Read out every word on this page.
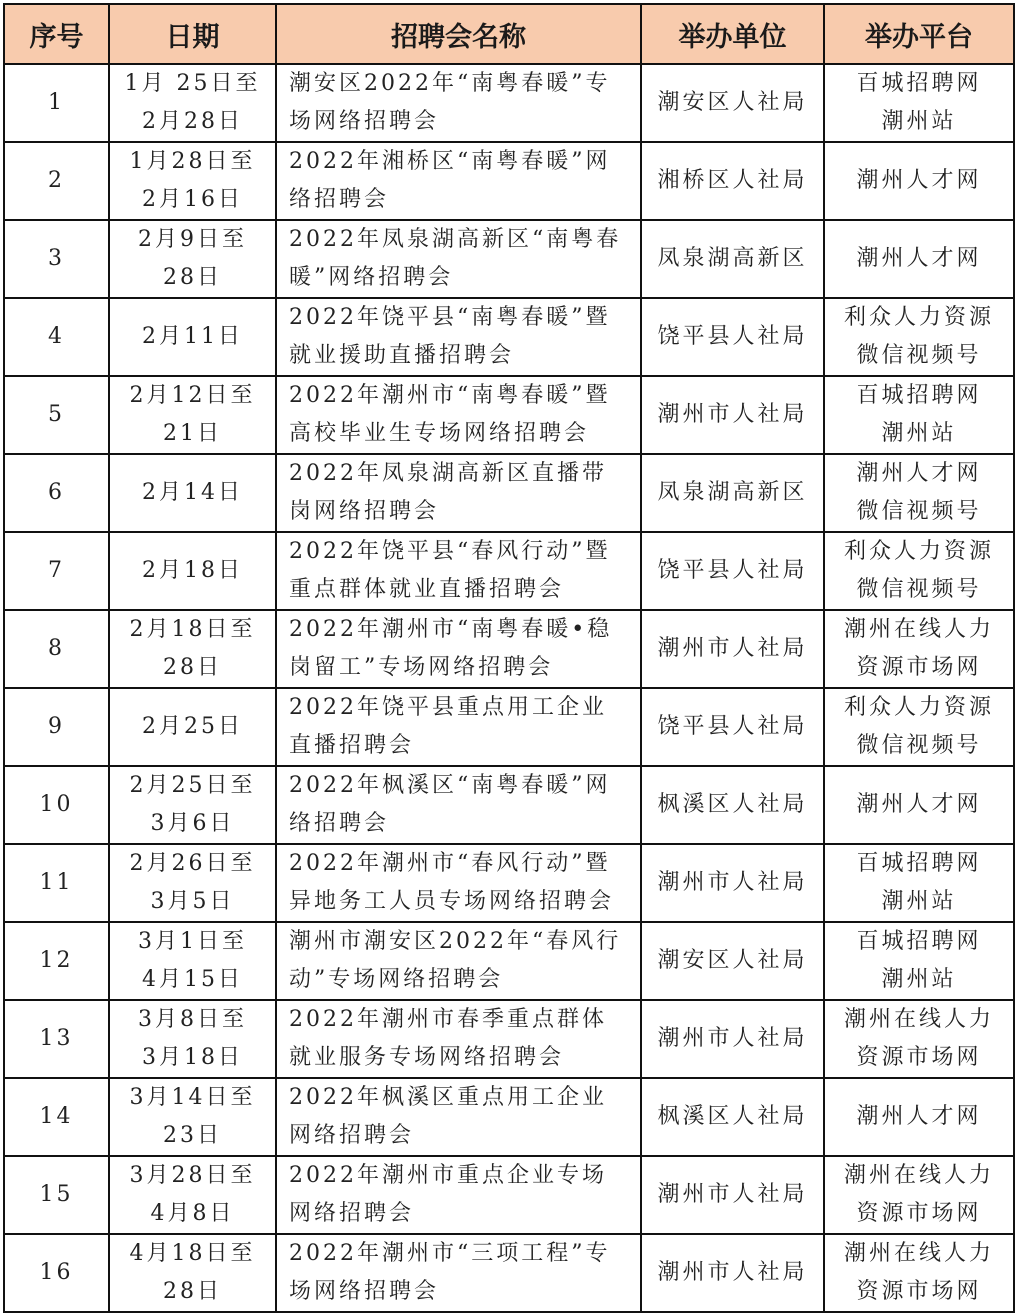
序号	日期	招聘会名称	举办单位	举办平台

1	1月 25日至
2月28日	潮安区2022年“南粤春暖”专
场网络招聘会	潮安区人社局	百城招聘网
潮州站

2	1月28日至
2月16日	2022年湘桥区“南粤春暖”网
络招聘会	湘桥区人社局	潮州人才网

3	2月9日至
28日	2022年凤泉湖高新区“南粤春
暖”网络招聘会	凤泉湖高新区	潮州人才网

4	2月11日	2022年饶平县“南粤春暖”暨
就业援助直播招聘会	饶平县人社局	利众人力资源
微信视频号

5	2月12日至
21日	2022年潮州市“南粤春暖”暨
高校毕业生专场网络招聘会	潮州市人社局	百城招聘网
潮州站

6	2月14日	2022年凤泉湖高新区直播带
岗网络招聘会	凤泉湖高新区	潮州人才网
微信视频号

7	2月18日	2022年饶平县“春风行动”暨
重点群体就业直播招聘会	饶平县人社局	利众人力资源
微信视频号

8	2月18日至
28日	2022年潮州市“南粤春暖•稳
岗留工”专场网络招聘会	潮州市人社局	潮州在线人力
资源市场网

9	2月25日	2022年饶平县重点用工企业
直播招聘会	饶平县人社局	利众人力资源
微信视频号

10	2月25日至
3月6日	2022年枫溪区“南粤春暖”网
络招聘会	枫溪区人社局	潮州人才网

11	2月26日至
3月5日	2022年潮州市“春风行动”暨
异地务工人员专场网络招聘会	潮州市人社局	百城招聘网
潮州站

12	3月1日至
4月15日	潮州市潮安区2022年“春风行
动”专场网络招聘会	潮安区人社局	百城招聘网
潮州站

13	3月8日至
3月18日	2022年潮州市春季重点群体
就业服务专场网络招聘会	潮州市人社局	潮州在线人力
资源市场网

14	3月14日至
23日	2022年枫溪区重点用工企业
网络招聘会	枫溪区人社局	潮州人才网

15	3月28日至
4月8日	2022年潮州市重点企业专场
网络招聘会	潮州市人社局	潮州在线人力
资源市场网

16	4月18日至
28日	2022年潮州市“三项工程”专
场网络招聘会	潮州市人社局	潮州在线人力
资源市场网
